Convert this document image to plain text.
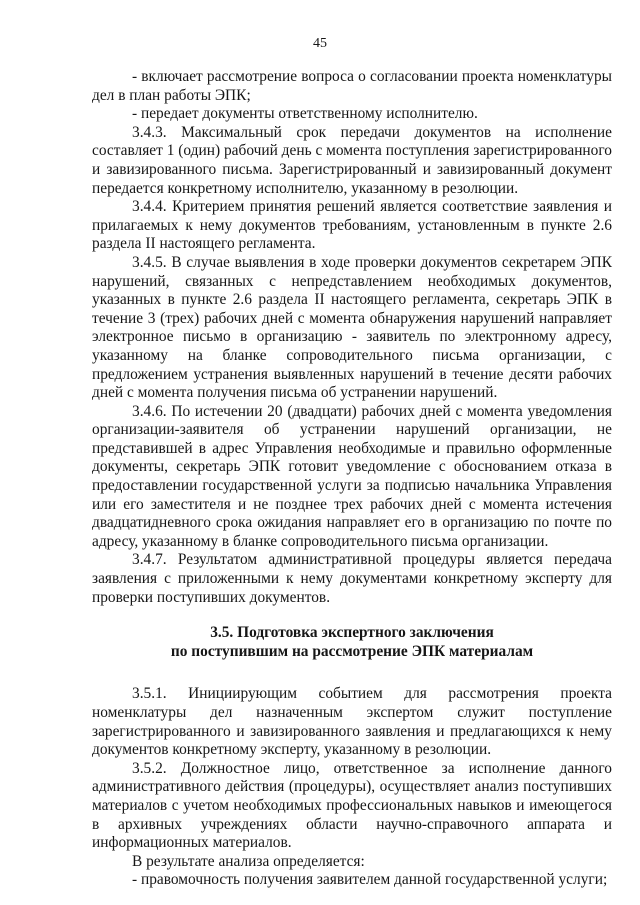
45

- включает рассмотрение вопроса о согласовании проекта номенклатуры дел в план работы ЭПК;

- передает документы ответственному исполнителю.

3.4.3. Максимальный срок передачи документов на исполнение составляет 1 (один) рабочий день с момента поступления зарегистрированного и завизированного письма. Зарегистрированный и завизированный документ передается конкретному исполнителю, указанному в резолюции.

3.4.4. Критерием принятия решений является соответствие заявления и прилагаемых к нему документов требованиям, установленным в пункте 2.6 раздела II настоящего регламента.

3.4.5. В случае выявления в ходе проверки документов секретарем ЭПК нарушений, связанных с непредставлением необходимых документов, указанных в пункте 2.6 раздела II настоящего регламента, секретарь ЭПК в течение 3 (трех) рабочих дней с момента обнаружения нарушений направляет электронное письмо в организацию - заявитель по электронному адресу, указанному на бланке сопроводительного письма организации, с предложением устранения выявленных нарушений в течение десяти рабочих дней с момента получения письма об устранении нарушений.

3.4.6. По истечении 20 (двадцати) рабочих дней с момента уведомления организации-заявителя об устранении нарушений организации, не представившей в адрес Управления необходимые и правильно оформленные документы, секретарь ЭПК готовит уведомление с обоснованием отказа в предоставлении государственной услуги за подписью начальника Управления или его заместителя и не позднее трех рабочих дней с момента истечения двадцатидневного срока ожидания направляет его в организацию по почте по адресу, указанному в бланке сопроводительного письма организации.

3.4.7. Результатом административной процедуры является передача заявления с приложенными к нему документами конкретному эксперту для проверки поступивших документов.

3.5. Подготовка экспертного заключения

по поступившим на рассмотрение ЭПК материалам

3.5.1. Инициирующим событием для рассмотрения проекта номенклатуры дел назначенным экспертом служит поступление зарегистрированного и завизированного заявления и предлагающихся к нему документов конкретному эксперту, указанному в резолюции.

3.5.2. Должностное лицо, ответственное за исполнение данного административного действия (процедуры), осуществляет анализ поступивших материалов с учетом необходимых профессиональных навыков и имеющегося в архивных учреждениях области научно-справочного аппарата и информационных материалов.

В результате анализа определяется:

- правомочность получения заявителем данной государственной услуги;
